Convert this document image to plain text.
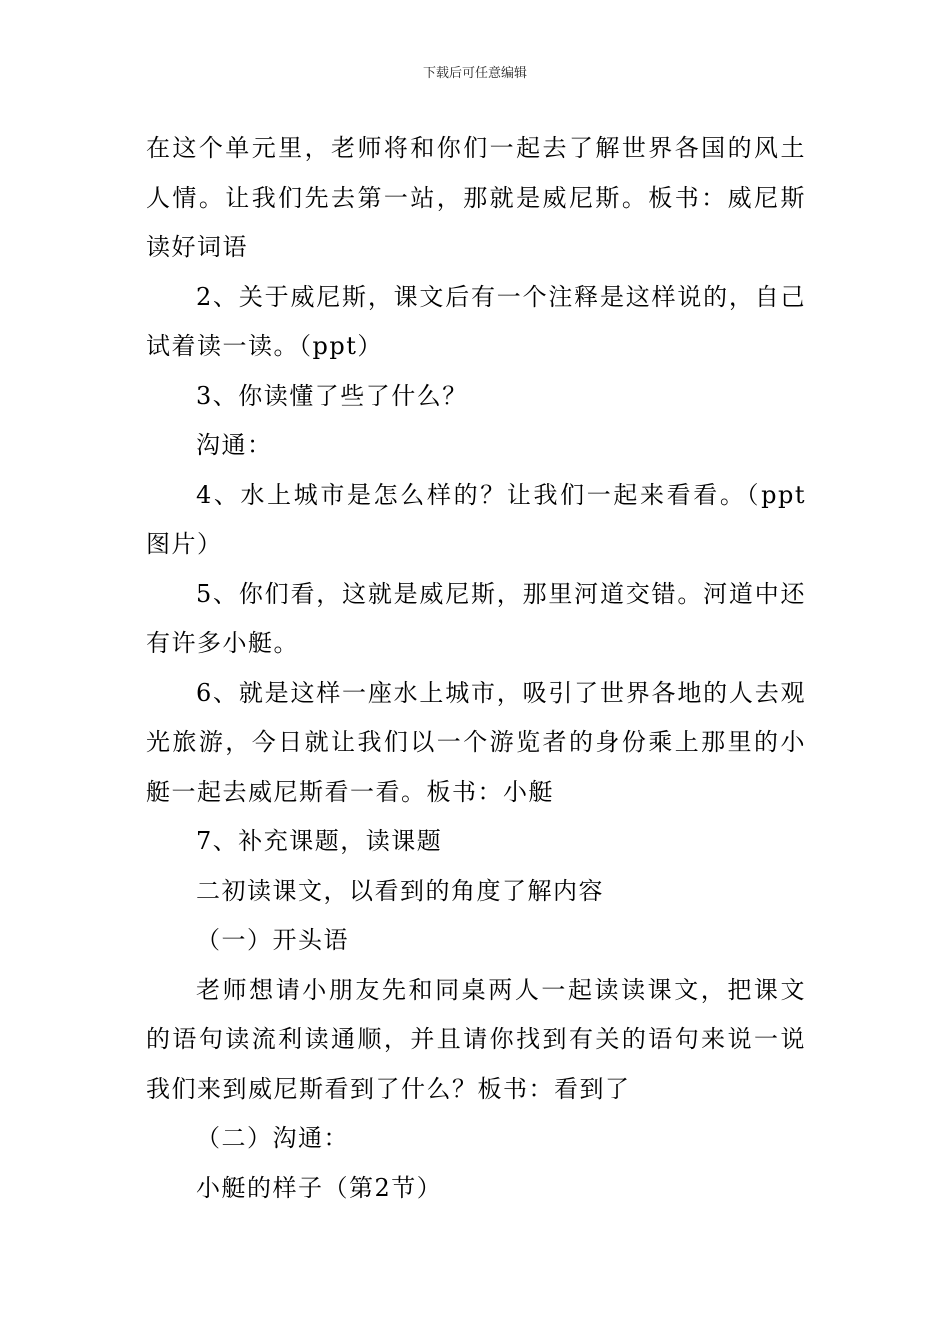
下载后可任意编辑

在这个单元里，老师将和你们一起去了解世界各国的风土人情。让我们先去第一站，那就是威尼斯。板书：威尼斯读好词语

2、关于威尼斯，课文后有一个注释是这样说的，自己试着读一读。（ppt）

3、你读懂了些了什么？

沟通：

4、水上城市是怎么样的？让我们一起来看看。（ppt图片）

5、你们看，这就是威尼斯，那里河道交错。河道中还有许多小艇。

6、就是这样一座水上城市，吸引了世界各地的人去观光旅游，今日就让我们以一个游览者的身份乘上那里的小艇一起去威尼斯看一看。板书：小艇

7、补充课题，读课题

二初读课文，以看到的角度了解内容

（一）开头语

老师想请小朋友先和同桌两人一起读读课文，把课文的语句读流利读通顺，并且请你找到有关的语句来说一说我们来到威尼斯看到了什么？板书：看到了

（二）沟通：

小艇的样子（第2节）
